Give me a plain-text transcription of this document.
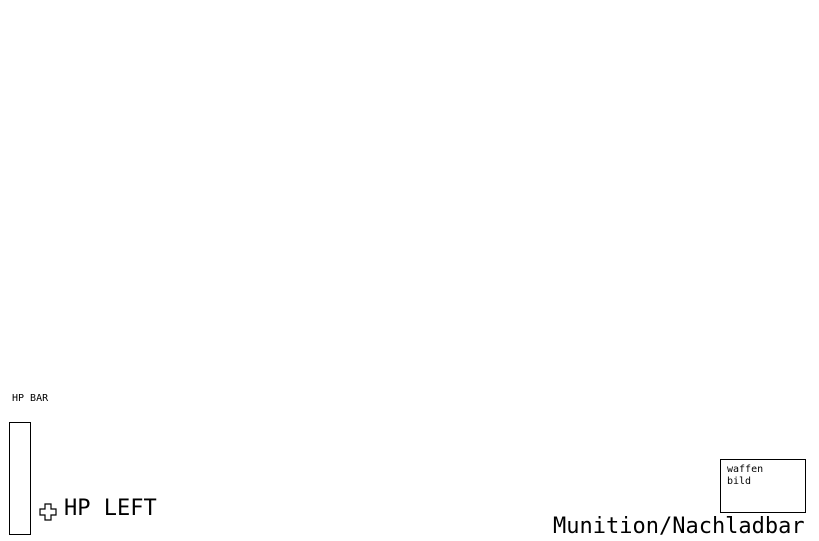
HP BAR
HP LEFT
waffen
bild
Munition/Nachladbar
